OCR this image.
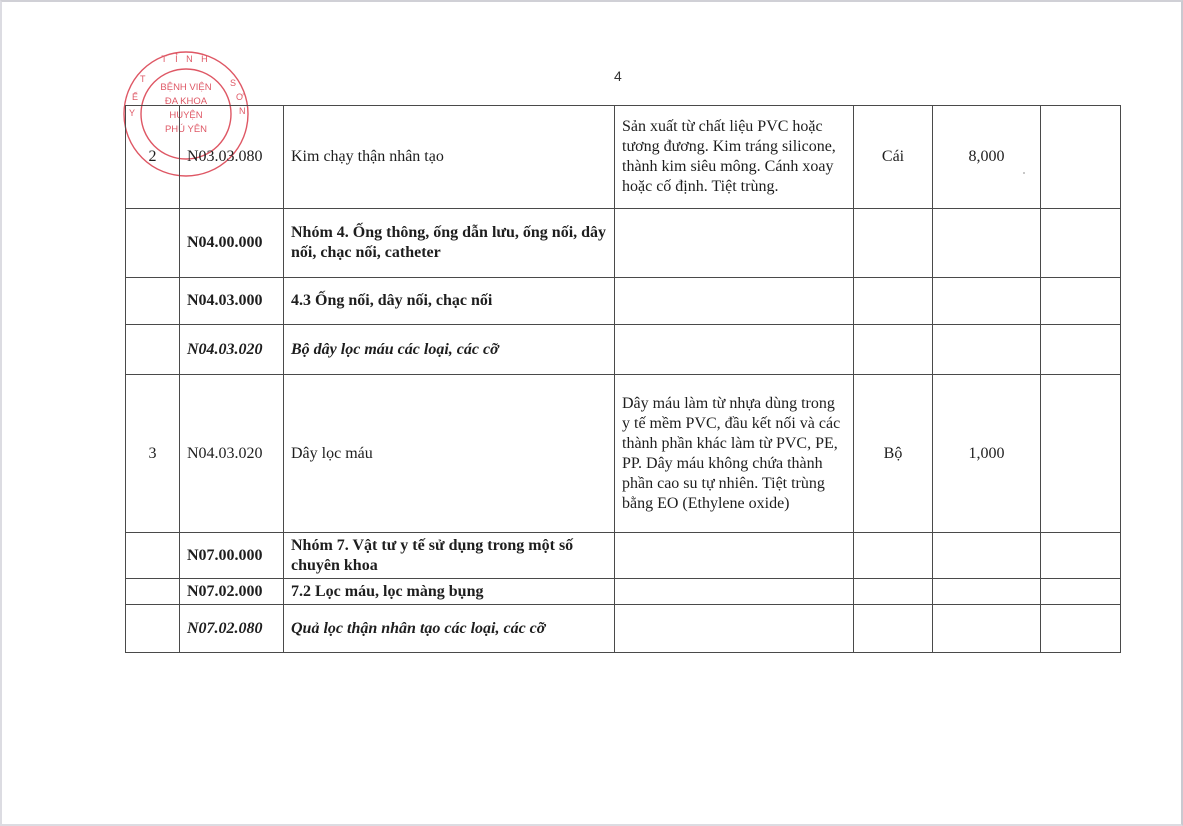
4
T Ỉ N H
S
Ơ
N
T
Ế
Y
BỆNH VIỆN
ĐA KHOA
HUYỆN
PHÚ YÊN
2	N03.03.080	Kim chạy thận nhân tạo	Sản xuất từ chất liệu PVC hoặc tương đương. Kim tráng silicone, thành kim siêu mông. Cánh xoay hoặc cố định. Tiệt trùng.	Cái	8,000	
	N04.00.000	Nhóm 4. Ống thông, ống dẫn lưu, ống nối, dây nối, chạc nối, catheter				
	N04.03.000	4.3 Ống nối, dây nối, chạc nối				
	N04.03.020	Bộ dây lọc máu các loại, các cỡ				
3	N04.03.020	Dây lọc máu	Dây máu làm từ nhựa dùng trong y tế mềm PVC, đầu kết nối và các thành phần khác làm từ PVC, PE, PP. Dây máu không chứa thành phần cao su tự nhiên. Tiệt trùng bằng EO (Ethylene oxide)	Bộ	1,000	
	N07.00.000	Nhóm 7. Vật tư y tế sử dụng trong một số chuyên khoa				
	N07.02.000	7.2 Lọc máu, lọc màng bụng				
	N07.02.080	Quả lọc thận nhân tạo các loại, các cỡ				
